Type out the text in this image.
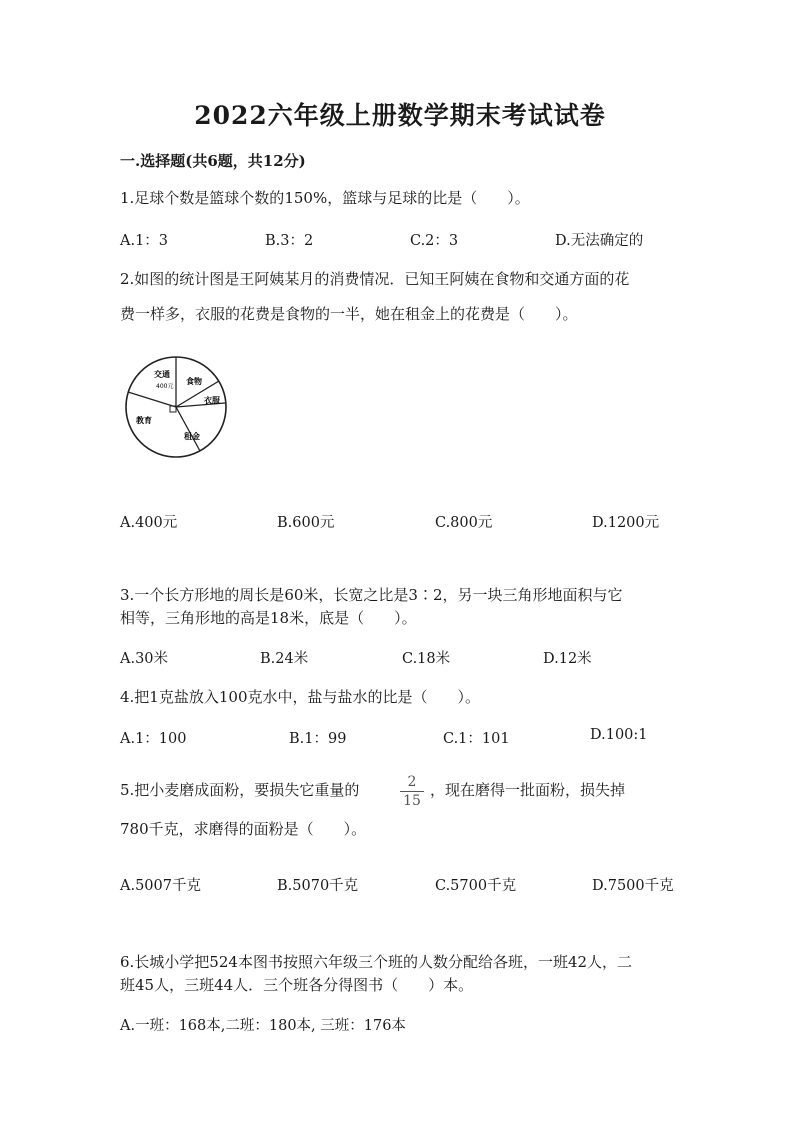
2022六年级上册数学期末考试试卷
一.选择题(共6题，共12分)
1.足球个数是篮球个数的150%，篮球与足球的比是（　　）。
A.1：3	B.3：2	C.2：3	D.无法确定的
2.如图的统计图是王阿姨某月的消费情况．已知王阿姨在食物和交通方面的花
费一样多，衣服的花费是食物的一半，她在租金上的花费是（　　）。
交通
400元
食物
衣服
教育
租金
A.400元	B.600元	C.800元	D.1200元
3.一个长方形地的周长是60米，长宽之比是3∶2，另一块三角形地面积与它
相等，三角形地的高是18米，底是（　　）。
A.30米	B.24米	C.18米	D.12米
4.把1克盐放入100克水中，盐与盐水的比是（　　）。
A.1：100	B.1：99	C.1：101	D.100:1
5.把小麦磨成面粉，要损失它重量的	2
15
，现在磨得一批面粉，损失掉
780千克，求磨得的面粉是（　　）。
A.5007千克	B.5070千克	C.5700千克	D.7500千克
6.长城小学把524本图书按照六年级三个班的人数分配给各班，一班42人，二
班45人，三班44人．三个班各分得图书（　　）本。
A.一班：168本,二班：180本, 三班：176本
